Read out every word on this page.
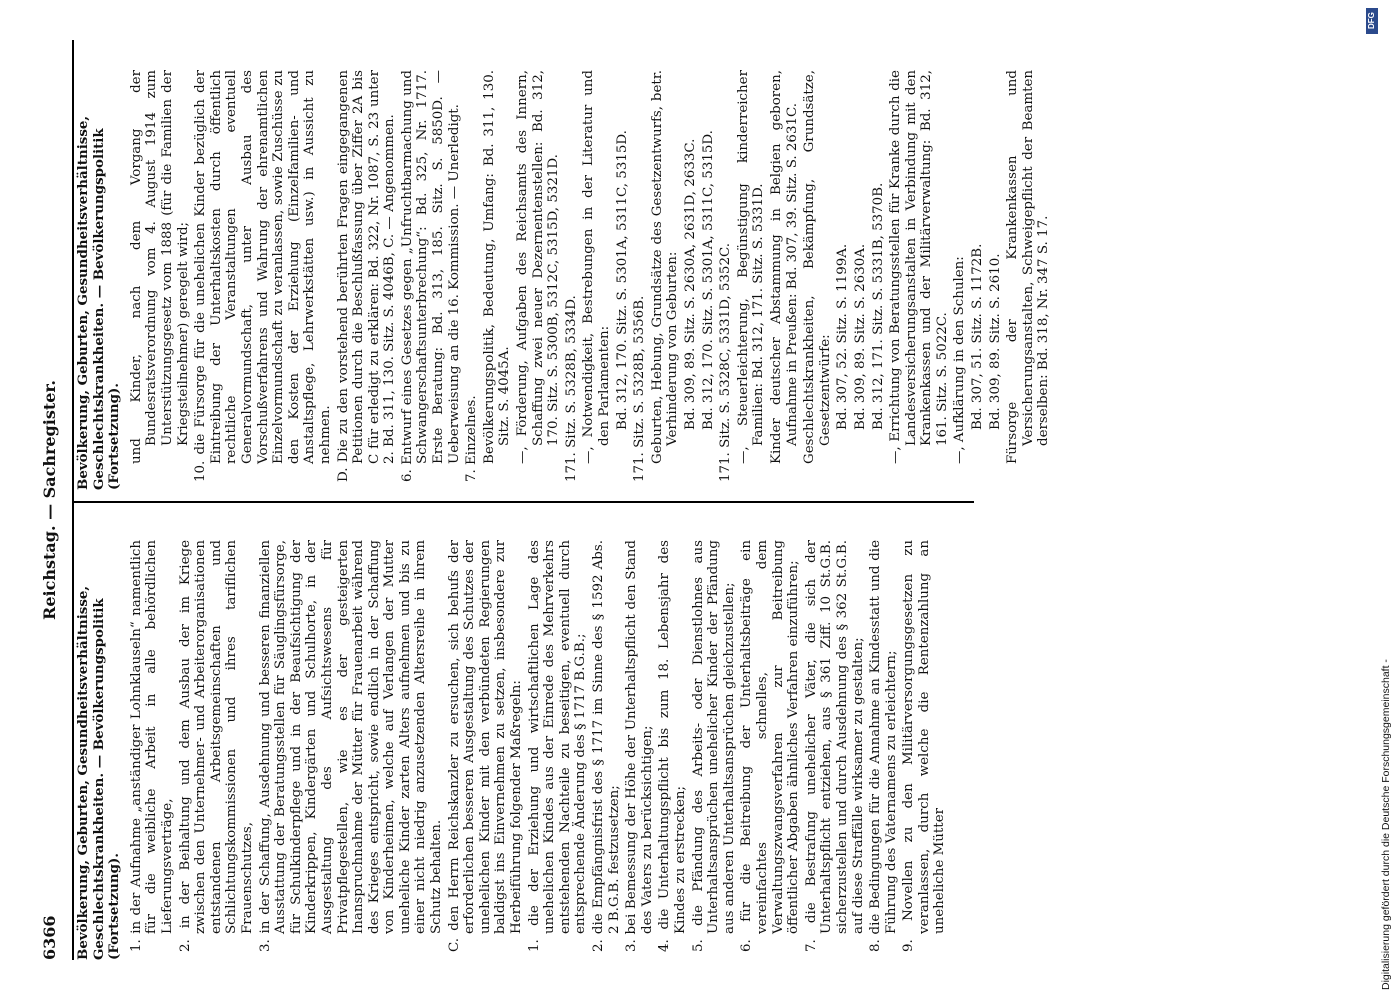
6366
Reichstag. — Sachregister.
Bevölkerung, Geburten, Gesundheitsverhältnisse, Geschlechtskrankheiten. — Bevölkerungspolitik (Fortsetzung). 1. in der Aufnahme „anständiger Lohnklauseln“ namentlich für die weibliche Arbeit in alle behördlichen Lieferungsverträge, 2. in der Beihaltung und dem Ausbau der im Kriege zwischen den Unternehmer- und Arbeiterorganisationen entstandenen Arbeitsgemeinschaften und Schlichtungskommissionen und ihres tariflichen Frauenschutzes, 3. in der Schaffung, Ausdehnung und besseren finanziellen Ausstattung der Beratungsstellen für Säuglingsfürsorge, für Schulkinderpflege und in der Beaufsichtigung der Kinderkrippen, Kindergärten und Schulhorte, in der Ausgestaltung des Aufsichtswesens für Privatpflegestellen, wie es der gesteigerten Inanspruchnahme der Mütter für Frauenarbeit während des Krieges entspricht, sowie endlich in der Schaffung von Kinderheimen, welche auf Verlangen der Mutter uneheliche Kinder zarten Alters aufnehmen und bis zu einer nicht niedrig anzusetzenden Altersreihe in ihrem Schutz behalten. C. den Herrn Reichskanzler zu ersuchen, sich behufs der erforderlichen besseren Ausgestaltung des Schutzes der unehelichen Kinder mit den verbündeten Regierungen baldigst ins Einvernehmen zu setzen, insbesondere zur Herbeiführung folgender Maßregeln: 1. die der Erziehung und wirtschaftlichen Lage des unehelichen Kindes aus der Einrede des Mehrverkehrs entstehenden Nachteile zu beseitigen, eventuell durch entsprechende Änderung des § 1717 B.G.B.; 2. die Empfängnisfrist des § 1717 im Sinne des § 1592 Abs. 2 B.G.B. festzusetzen; 3. bei Bemessung der Höhe der Unterhaltspflicht den Stand des Vaters zu berücksichtigen; 4. die Unterhaltungspflicht bis zum 18. Lebensjahr des Kindes zu erstrecken; 5. die Pfändung des Arbeits- oder Dienstlohnes aus Unterhaltsansprüchen unehelicher Kinder der Pfändung aus anderen Unterhaltsansprüchen gleichzustellen; 6. für die Beitreibung der Unterhaltsbeiträge ein vereinfachtes schnelles, dem Verwaltungszwangsverfahren zur Beitreibung öffentlicher Abgaben ähnliches Verfahren einzuführen; 7. die Bestrafung unehelicher Väter, die sich der Unterhaltspflicht entziehen, aus § 361 Ziff. 10 St.G.B. sicherzustellen und durch Ausdehnung des § 362 St.G.B. auf diese Straffälle wirksamer zu gestalten; 8. die Bedingungen für die Annahme an Kindesstatt und die Führung des Vaternamens zu erleichtern; 9. Novellen zu den Militärversorgungsgesetzen zu veranlassen, durch welche die Rentenzahlung an uneheliche Mütter
Bevölkerung, Geburten, Gesundheitsverhältnisse, Geschlechtskrankheiten. — Bevölkerungspolitik (Fortsetzung). und Kinder, nach dem Vorgang der Bundesratsverordnung vom 4. August 1914 zum Unterstützungsgesetz vom 1888 (für die Familien der Kriegsteilnehmer) geregelt wird; 10. die Fürsorge für die unehelichen Kinder bezüglich der Eintreibung der Unterhaltskosten durch öffentlich rechtliche Veranstaltungen eventuell Generalvormundschaft, unter Ausbau des Vorschußverfahrens und Wahrung der ehrenamtlichen Einzelvormundschaft zu veranlassen, sowie Zuschüsse zu den Kosten der Erziehung (Einzelfamilien- und Anstaltspflege, Lehrwerkstätten usw.) in Aussicht zu nehmen. D. Die zu den vorstehend berührten Fragen eingegangenen Petitionen durch die Beschlußfassung über Ziffer 2A bis C für erledigt zu erklären: Bd. 322, Nr. 1087, S. 23 unter 2. Bd. 311, 130. Sitz. S. 4046B, C. — Angenommen. 6. Entwurf eines Gesetzes gegen „Unfruchtbarmachung und Schwangerschaftsunterbrechung“: Bd. 325, Nr. 1717. Erste Beratung: Bd. 313, 185. Sitz. S. 5850D. — Ueberweisung an die 16. Kommission. — Unerledigt. 7. Einzelnes. Bevölkerungspolitik, Bedeutung, Umfang: Bd. 311, 130. Sitz. S. 4045A. —, Förderung, Aufgaben des Reichsamts des Innern, Schaffung zwei neuer Dezernentenstellen: Bd. 312, 170. Sitz. S. 5300B, 5312C, 5315D, 5321D. 171. Sitz. S. 5328B, 5334D. —, Notwendigkeit, Bestrebungen in der Literatur und den Parlamenten: Bd. 312, 170. Sitz. S. 5301A, 5311C, 5315D. 171. Sitz. S. 5328B, 5356B. Geburten, Hebung, Grundsätze des Gesetzentwurfs, betr. Verhinderung von Geburten: Bd. 309, 89. Sitz. S. 2630A, 2631D, 2633C. Bd. 312, 170. Sitz. S. 5301A, 5311C, 5315D. 171. Sitz. S. 5328C, 5331D, 5352C. —, Steuerleichterung, Begünstigung kinderreicher Familien: Bd. 312, 171. Sitz. S. 5331D. Kinder deutscher Abstammung in Belgien geboren, Aufnahme in Preußen: Bd. 307, 39. Sitz. S. 2631C. Geschlechtskrankheiten, Bekämpfung, Grundsätze, Gesetzentwürfe: Bd. 307, 52. Sitz. S. 1199A. Bd. 309, 89. Sitz. S. 2630A. Bd. 312, 171. Sitz. S. 5331B, 5370B. —, Errichtung von Beratungsstellen für Kranke durch die Landesversicherungsanstalten in Verbindung mit den Krankenkassen und der Militärverwaltung: Bd. 312, 161. Sitz. S. 5022C. —, Aufklärung in den Schulen: Bd. 307, 51. Sitz. S. 1172B. Bd. 309, 89. Sitz. S. 2610. Fürsorge der Krankenkassen und Versicherungsanstalten, Schweigepflicht der Beamten derselben: Bd. 318, Nr. 347 S. 17.
Digitalisierung gefördert durch die Deutsche Forschungsgemeinschaft -
DFG
